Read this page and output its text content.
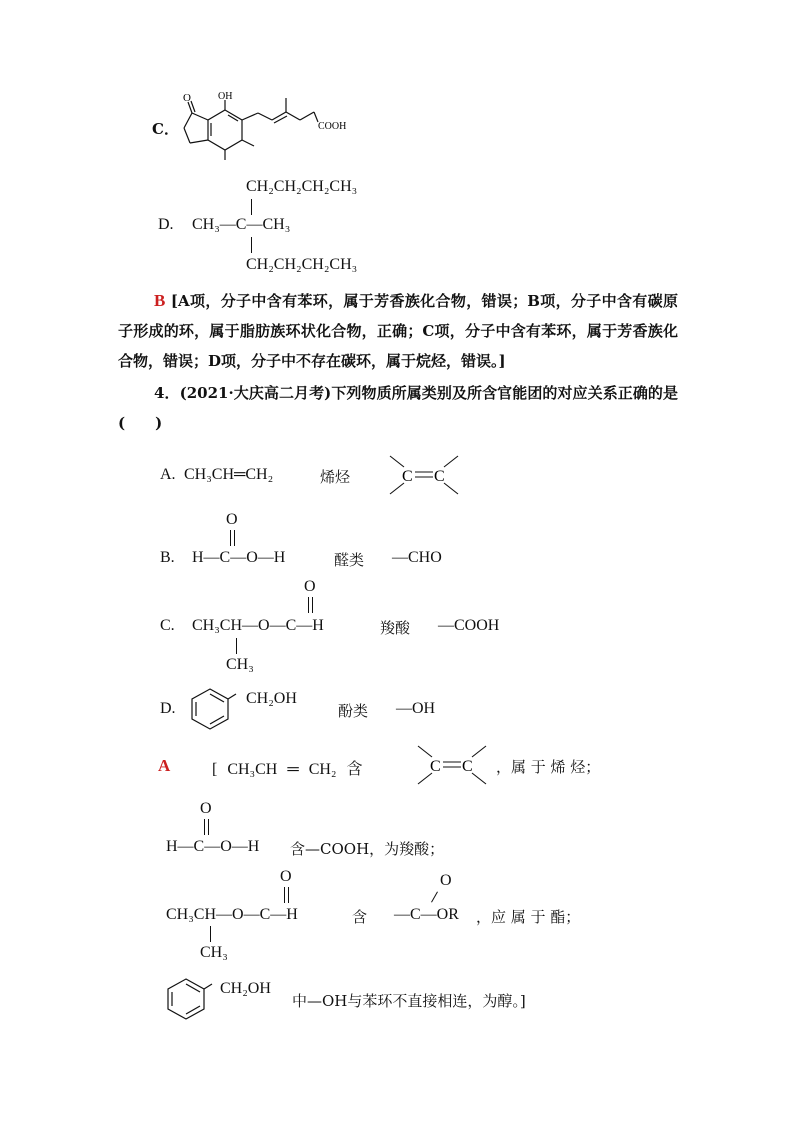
C．
O	OH
COOH
CH₂CH₂CH₂CH₃
D. CH₃—C—CH₃
CH₂CH₂CH₂CH₃
B [A项，分子中含有苯环，属于芳香族化合物，错误；B项，分子中含有碳原子形成的环，属于脂肪族环状化合物，正确；C项，分子中含有苯环，属于芳香族化合物，错误；D项，分子中不存在碳环，属于烷烃，错误。]
4．(2021·大庆高二月考)下列物质所属类别及所含官能团的对应关系正确的是(　　)
A. CH₃CH═CH₂	烯烃	C C
O
B. H—C—O—H	醛类 —CHO
O
C. CH₃CH—O—C—H
CH₃
羧酸 —COOH
D.
CH₂OH
酚类 —OH
A	[ CH₃CH ═ CH₂ 含	C C ，属 于 烯 烃；
O
H—C—O—H 含—COOH，为羧酸；
O
CH₃CH—O—C—H
CH₃
含
O
—C—OR ，应 属 于 酯；
CH₂OH
中—OH与苯环不直接相连，为醇。]
